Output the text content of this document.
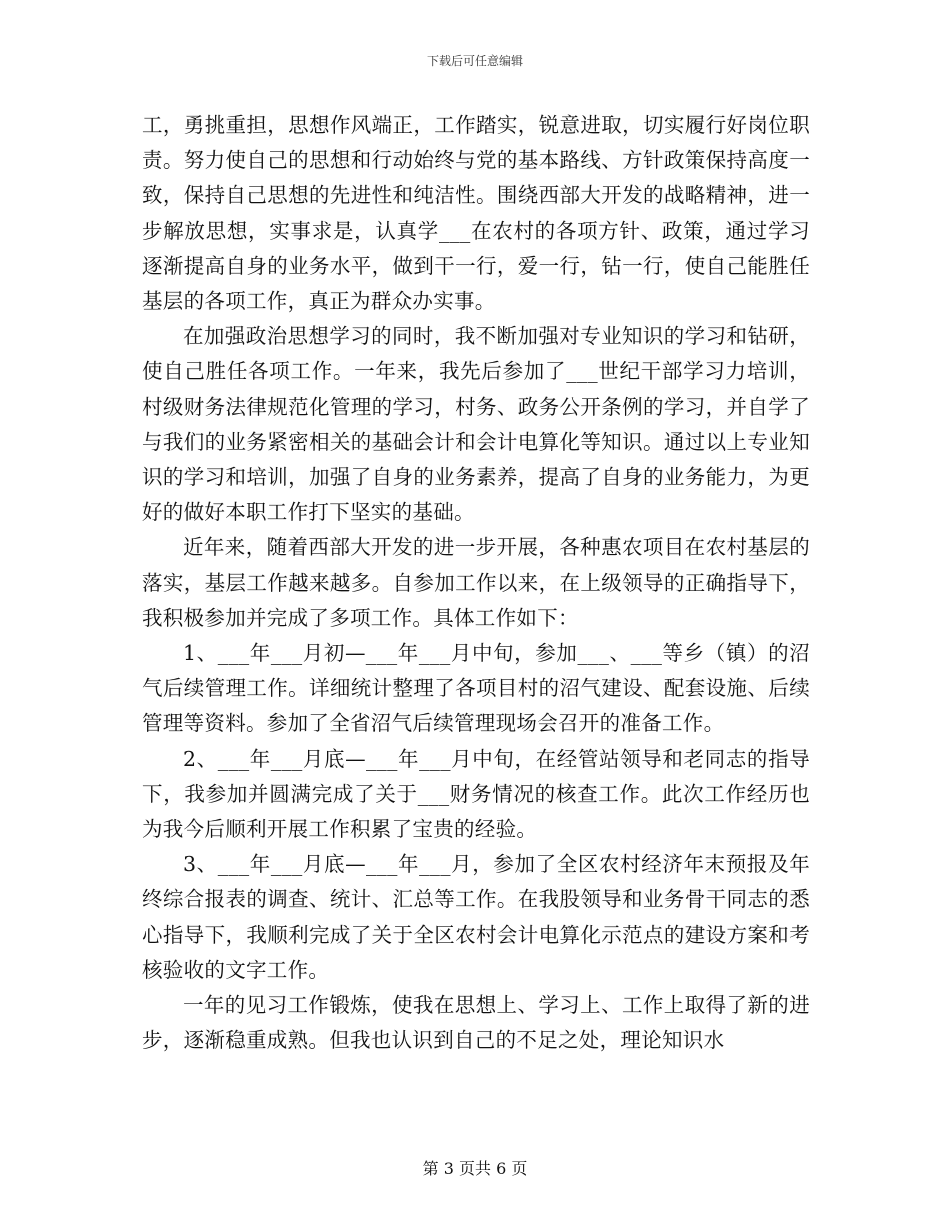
下载后可任意编辑

工，勇挑重担，思想作风端正，工作踏实，锐意进取，切实履行好岗位职责。努力使自己的思想和行动始终与党的基本路线、方针政策保持高度一致，保持自己思想的先进性和纯洁性。围绕西部大开发的战略精神，进一步解放思想，实事求是，认真学___在农村的各项方针、政策，通过学习逐渐提高自身的业务水平，做到干一行，爱一行，钻一行，使自己能胜任基层的各项工作，真正为群众办实事。

在加强政治思想学习的同时，我不断加强对专业知识的学习和钻研，使自己胜任各项工作。一年来，我先后参加了___世纪干部学习力培训，村级财务法律规范化管理的学习，村务、政务公开条例的学习，并自学了与我们的业务紧密相关的基础会计和会计电算化等知识。通过以上专业知识的学习和培训，加强了自身的业务素养，提高了自身的业务能力，为更好的做好本职工作打下坚实的基础。

近年来，随着西部大开发的进一步开展，各种惠农项目在农村基层的落实，基层工作越来越多。自参加工作以来，在上级领导的正确指导下，我积极参加并完成了多项工作。具体工作如下：

1、___年___月初—___年___月中旬，参加___、___等乡（镇）的沼气后续管理工作。详细统计整理了各项目村的沼气建设、配套设施、后续管理等资料。参加了全省沼气后续管理现场会召开的准备工作。

2、___年___月底—___年___月中旬，在经管站领导和老同志的指导下，我参加并圆满完成了关于___财务情况的核查工作。此次工作经历也为我今后顺利开展工作积累了宝贵的经验。

3、___年___月底—___年___月，参加了全区农村经济年末预报及年终综合报表的调查、统计、汇总等工作。在我股领导和业务骨干同志的悉心指导下，我顺利完成了关于全区农村会计电算化示范点的建设方案和考核验收的文字工作。

一年的见习工作锻炼，使我在思想上、学习上、工作上取得了新的进步，逐渐稳重成熟。但我也认识到自己的不足之处，理论知识水

第 3 页共 6 页
